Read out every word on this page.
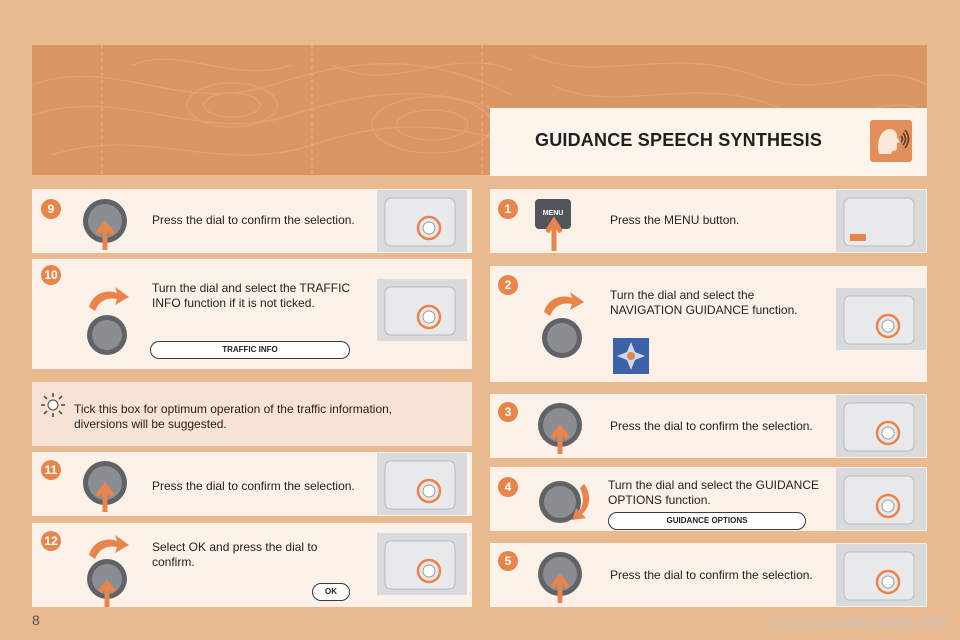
GUIDANCE SPEECH SYNTHESIS
9
Press the dial to confirm the selection.
10
Turn the dial and select the TRAFFIC INFO function if it is not ticked.
TRAFFIC INFO
Tick this box for optimum operation of the traffic information, diversions will be suggested.
11
Press the dial to confirm the selection.
12	Select OK and press the dial to confirm.
OK
1	MENU	Press the MENU button.
2
Turn the dial and select the NAVIGATION GUIDANCE function.
3
Press the dial to confirm the selection.
4	Turn the dial and select the GUIDANCE OPTIONS function.
GUIDANCE OPTIONS
5
Press the dial to confirm the selection.
8	carmanualsonline.info
